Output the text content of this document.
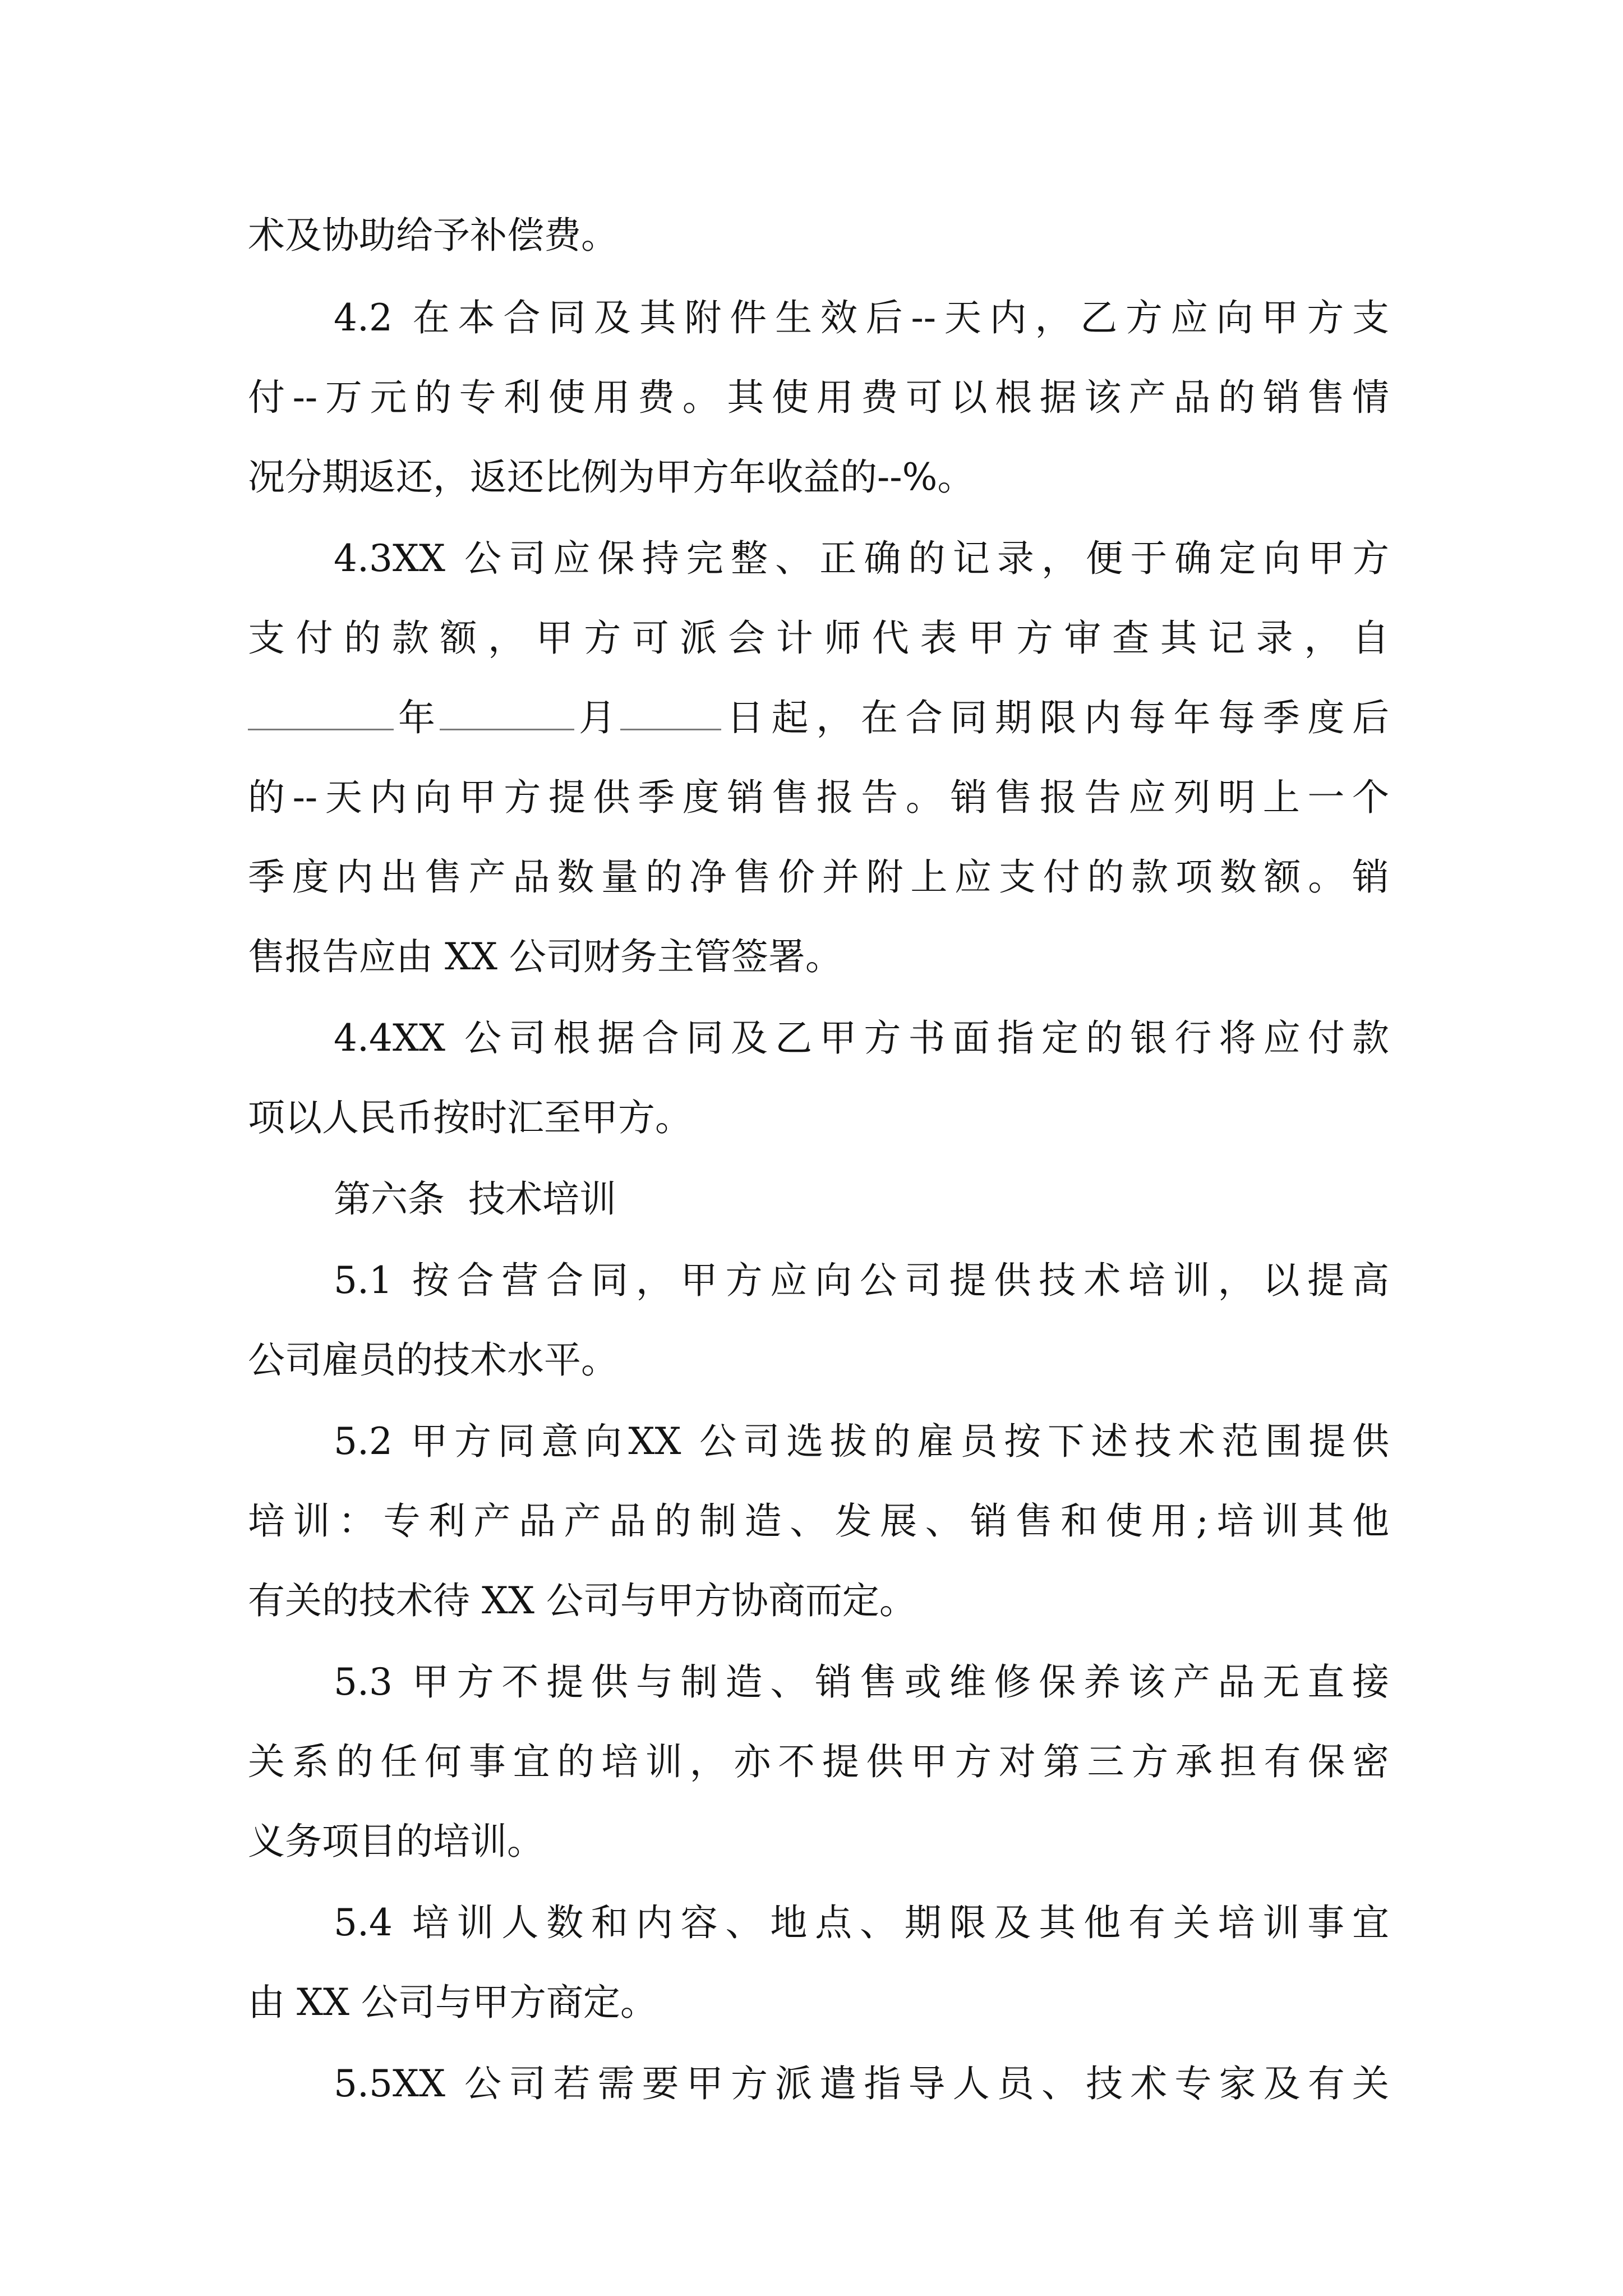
术及协助给予补偿费。
4.2 在本合同及其附件生效后--天内，乙方应向甲方支
付--万元的专利使用费。其使用费可以根据该产品的销售情
况分期返还，返还比例为甲方年收益的--%。
4.3XX 公司应保持完整、正确的记录，便于确定向甲方
支付的款额，甲方可派会计师代表甲方审查其记录，自
年	月	日起，在合同期限内每年每季度后
的--天内向甲方提供季度销售报告。销售报告应列明上一个
季度内出售产品数量的净售价并附上应支付的款项数额。销
售报告应由 XX 公司财务主管签署。
4.4XX 公司根据合同及乙甲方书面指定的银行将应付款
项以人民币按时汇至甲方。
第六条  技术培训
5.1 按合营合同，甲方应向公司提供技术培训，以提高
公司雇员的技术水平。
5.2 甲方同意向XX 公司选拔的雇员按下述技术范围提供
培训：专利产品产品的制造、发展、销售和使用;培训其他
有关的技术待 XX 公司与甲方协商而定。
5.3 甲方不提供与制造、销售或维修保养该产品无直接
关系的任何事宜的培训，亦不提供甲方对第三方承担有保密
义务项目的培训。
5.4 培训人数和内容、地点、期限及其他有关培训事宜
由 XX 公司与甲方商定。
5.5XX 公司若需要甲方派遣指导人员、技术专家及有关
